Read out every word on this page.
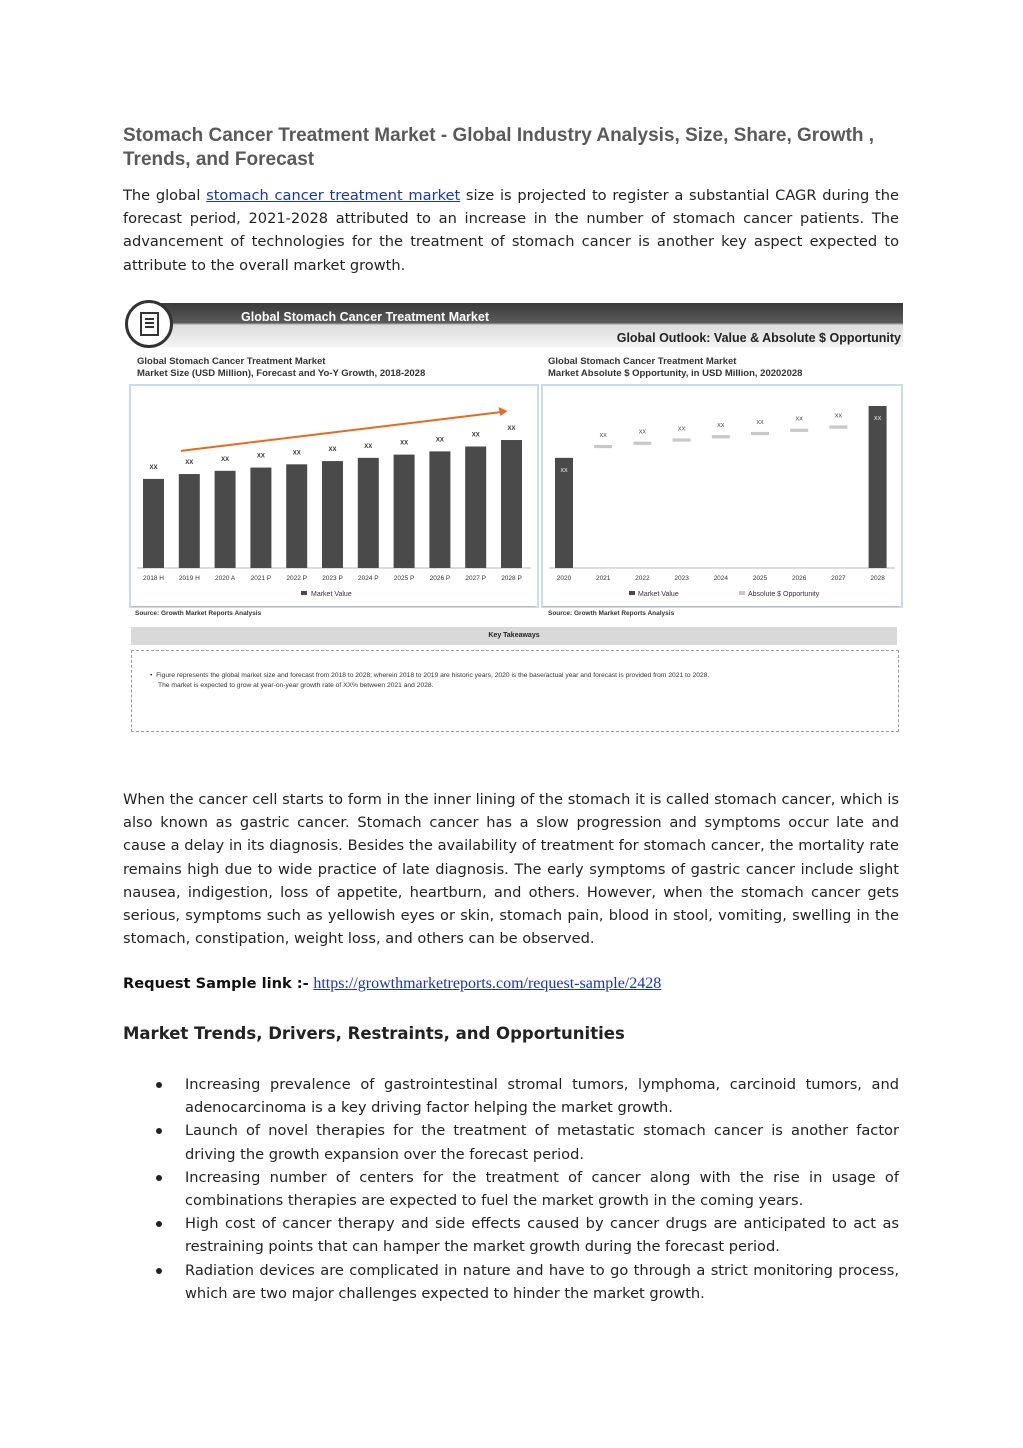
Stomach Cancer Treatment Market - Global Industry Analysis, Size, Share, Growth , Trends, and Forecast

The global stomach cancer treatment market size is projected to register a substantial CAGR during the forecast period, 2021-2028 attributed to an increase in the number of stomach cancer patients. The advancement of technologies for the treatment of stomach cancer is another key aspect expected to attribute to the overall market growth.

Global Stomach Cancer Treatment Market
Global Outlook: Value & Absolute $ Opportunity
Global Stomach Cancer Treatment Market
Market Size (USD Million), Forecast and Yo-Y Growth, 2018-2028
XX
2018 H
XX
2019 H
XX
2020 A
XX
2021 P
XX
2022 P
XX
2023 P
XX
2024 P
XX
2025 P
XX
2026 P
XX
2027 P
XX
2028 P
Market Value
Source: Growth Market Reports Analysis
Global Stomach Cancer Treatment Market
Market Absolute $ Opportunity, in USD Million, 20202028
XX
XX
XX
XX
XX
XX
XX
XX	XX
2020	2021	2022	2023	2024	2025	2026	2027	2028
Market Value	Absolute $ Opportunity
Source: Growth Market Reports Analysis
Key Takeaways
•  Figure represents the global market size and forecast from 2018 to 2028; wherein 2018 to 2019 are historic years, 2020 is the base/actual year and forecast is provided from 2021 to 2028.
The market is expected to grow at year-on-year growth rate of XX% between 2021 and 2028.

When the cancer cell starts to form in the inner lining of the stomach it is called stomach cancer, which is also known as gastric cancer. Stomach cancer has a slow progression and symptoms occur late and cause a delay in its diagnosis. Besides the availability of treatment for stomach cancer, the mortality rate remains high due to wide practice of late diagnosis. The early symptoms of gastric cancer include slight nausea, indigestion, loss of appetite, heartburn, and others. However, when the stomach cancer gets serious, symptoms such as yellowish eyes or skin, stomach pain, blood in stool, vomiting, swelling in the stomach, constipation, weight loss, and others can be observed.

Request Sample link :- https://growthmarketreports.com/request-sample/2428

Market Trends, Drivers, Restraints, and Opportunities
Increasing prevalence of gastrointestinal stromal tumors, lymphoma, carcinoid tumors, and adenocarcinoma is a key driving factor helping the market growth.
Launch of novel therapies for the treatment of metastatic stomach cancer is another factor driving the growth expansion over the forecast period.
Increasing number of centers for the treatment of cancer along with the rise in usage of combinations therapies are expected to fuel the market growth in the coming years.
High cost of cancer therapy and side effects caused by cancer drugs are anticipated to act as restraining points that can hamper the market growth during the forecast period.
Radiation devices are complicated in nature and have to go through a strict monitoring process, which are two major challenges expected to hinder the market growth.
